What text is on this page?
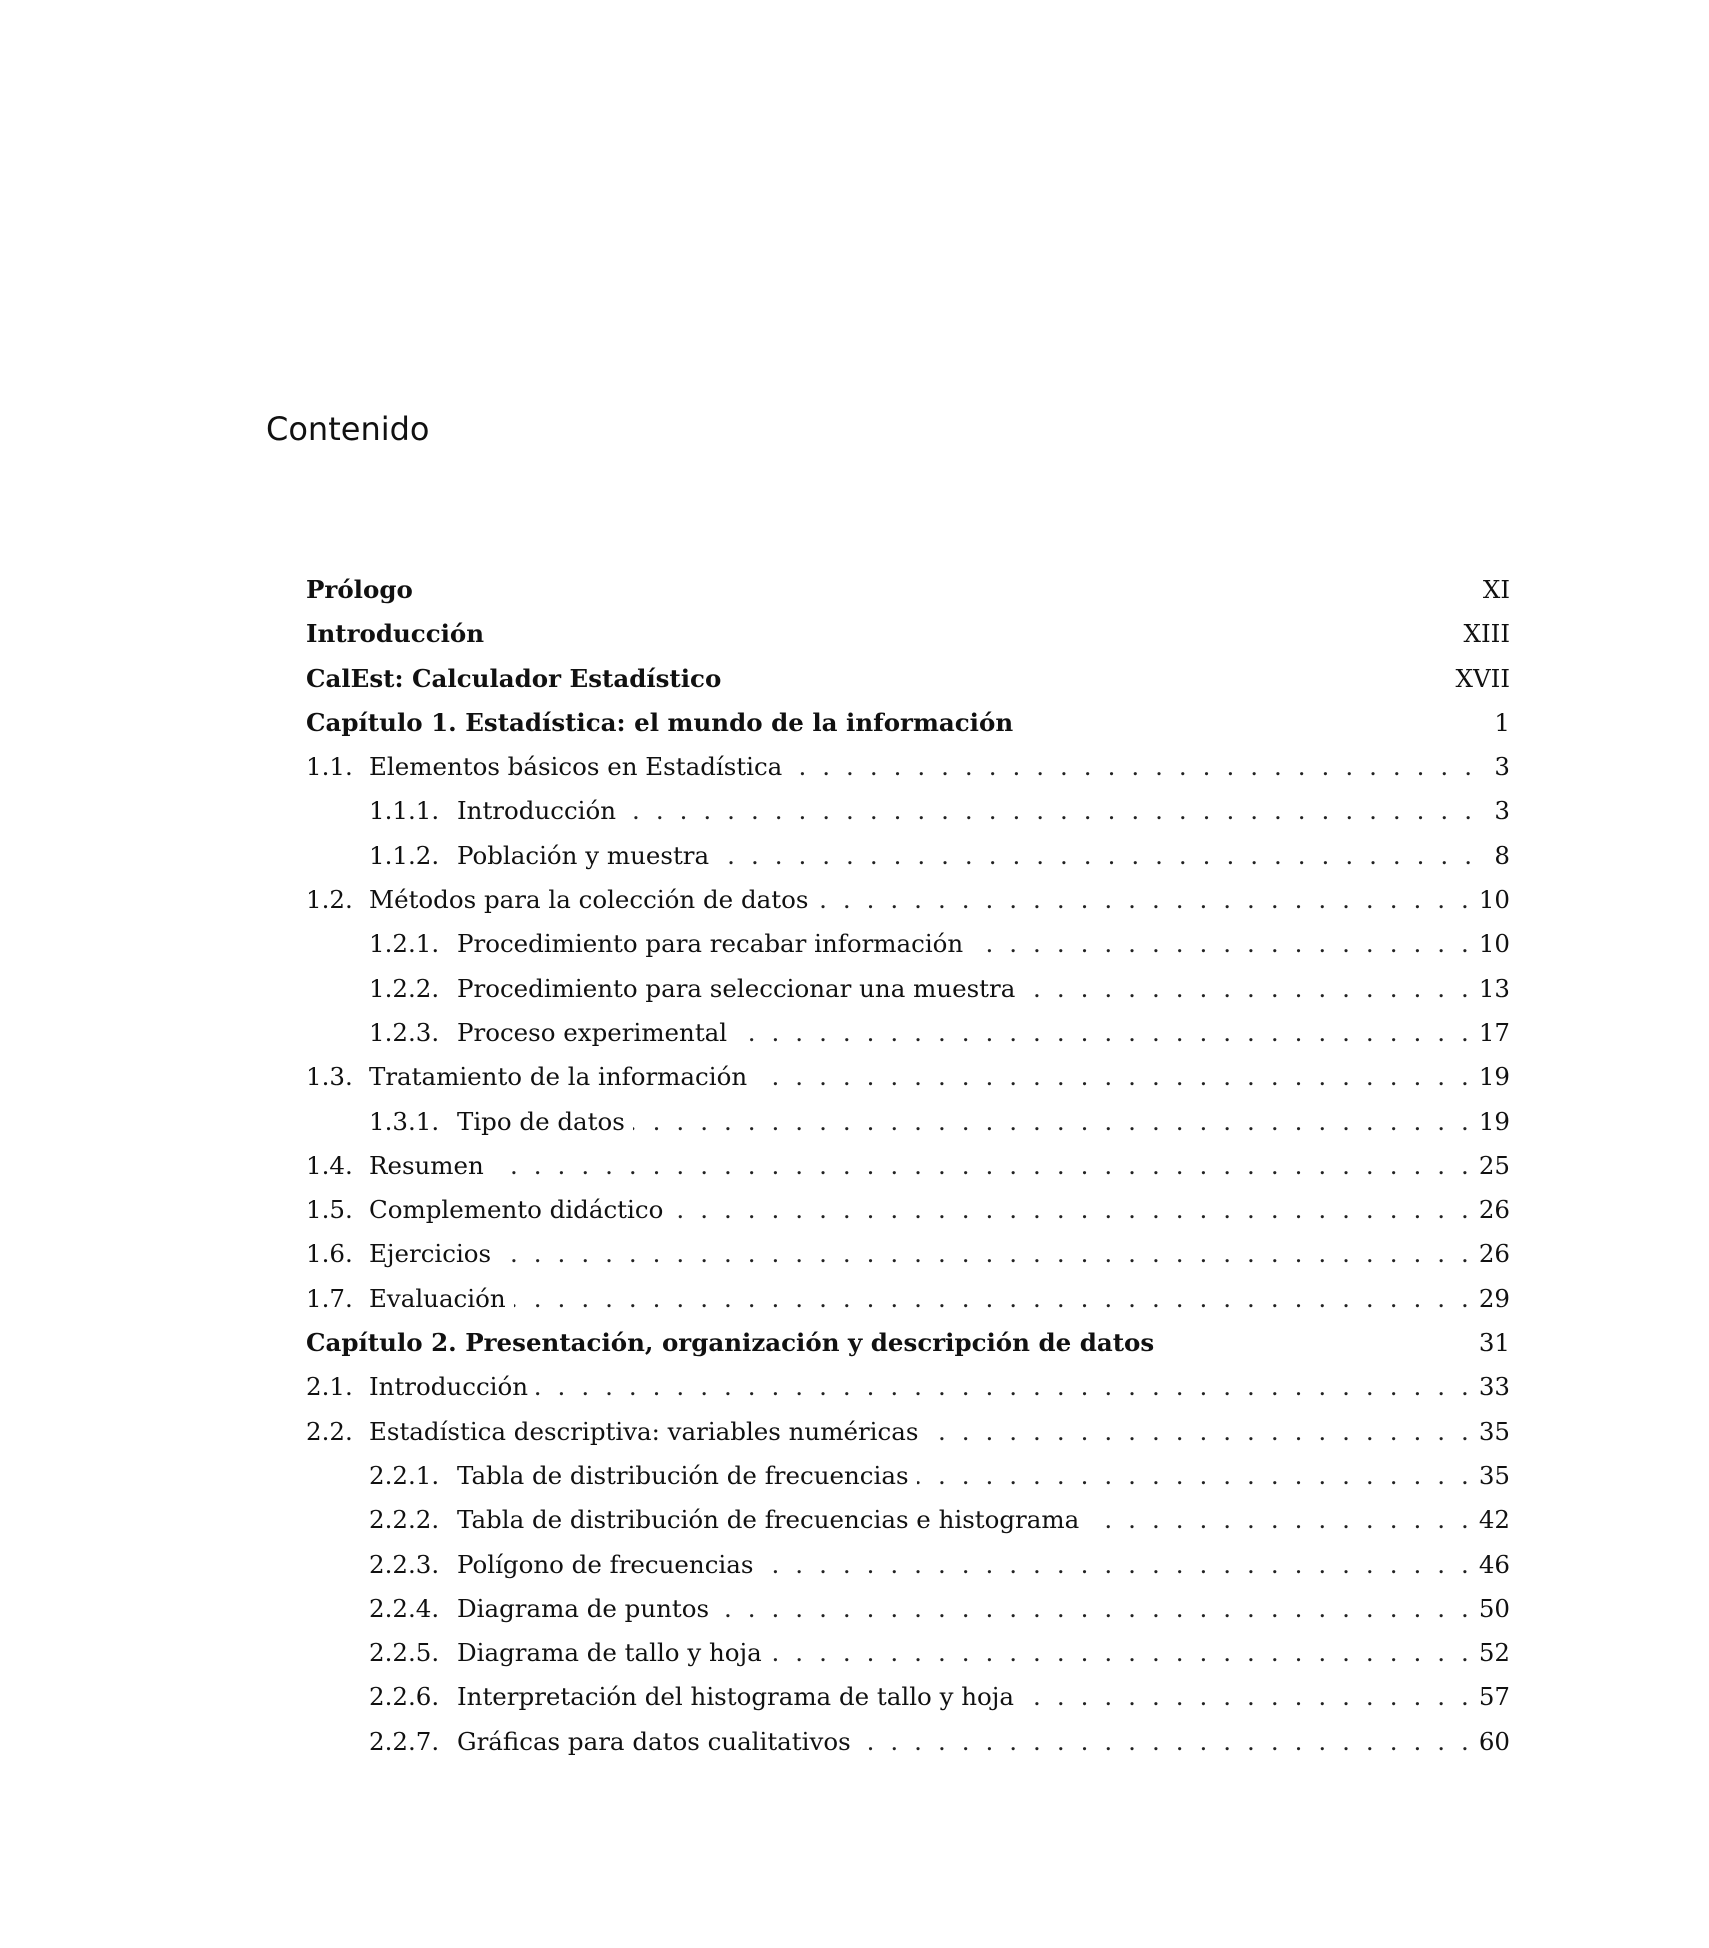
Contenido
Prólogo	XI
Introducción	XIII
CalEst: Calculador Estadístico	XVII
Capítulo 1. Estadística: el mundo de la información	1
1.1. Elementos básicos en Estadística . . .	3
1.1.1. Introducción . . .	3
1.1.2. Población y muestra . . .	8
1.2. Métodos para la colección de datos . . .	10
1.2.1. Procedimiento para recabar información . . .	10
1.2.2. Procedimiento para seleccionar una muestra . . .	13
1.2.3. Proceso experimental . . .	17
1.3. Tratamiento de la información . . .	19
1.3.1. Tipo de datos . . .	19
1.4. Resumen . . .	25
1.5. Complemento didáctico . . .	26
1.6. Ejercicios . . .	26
1.7. Evaluación . . .	29
Capítulo 2. Presentación, organización y descripción de datos	31
2.1. Introducción . . .	33
2.2. Estadística descriptiva: variables numéricas . . .	35
2.2.1. Tabla de distribución de frecuencias . . .	35
2.2.2. Tabla de distribución de frecuencias e histograma . . .	42
2.2.3. Polígono de frecuencias . . .	46
2.2.4. Diagrama de puntos . . .	50
2.2.5. Diagrama de tallo y hoja . . .	52
2.2.6. Interpretación del histograma de tallo y hoja . . .	57
2.2.7. Gráficas para datos cualitativos . . .	60
